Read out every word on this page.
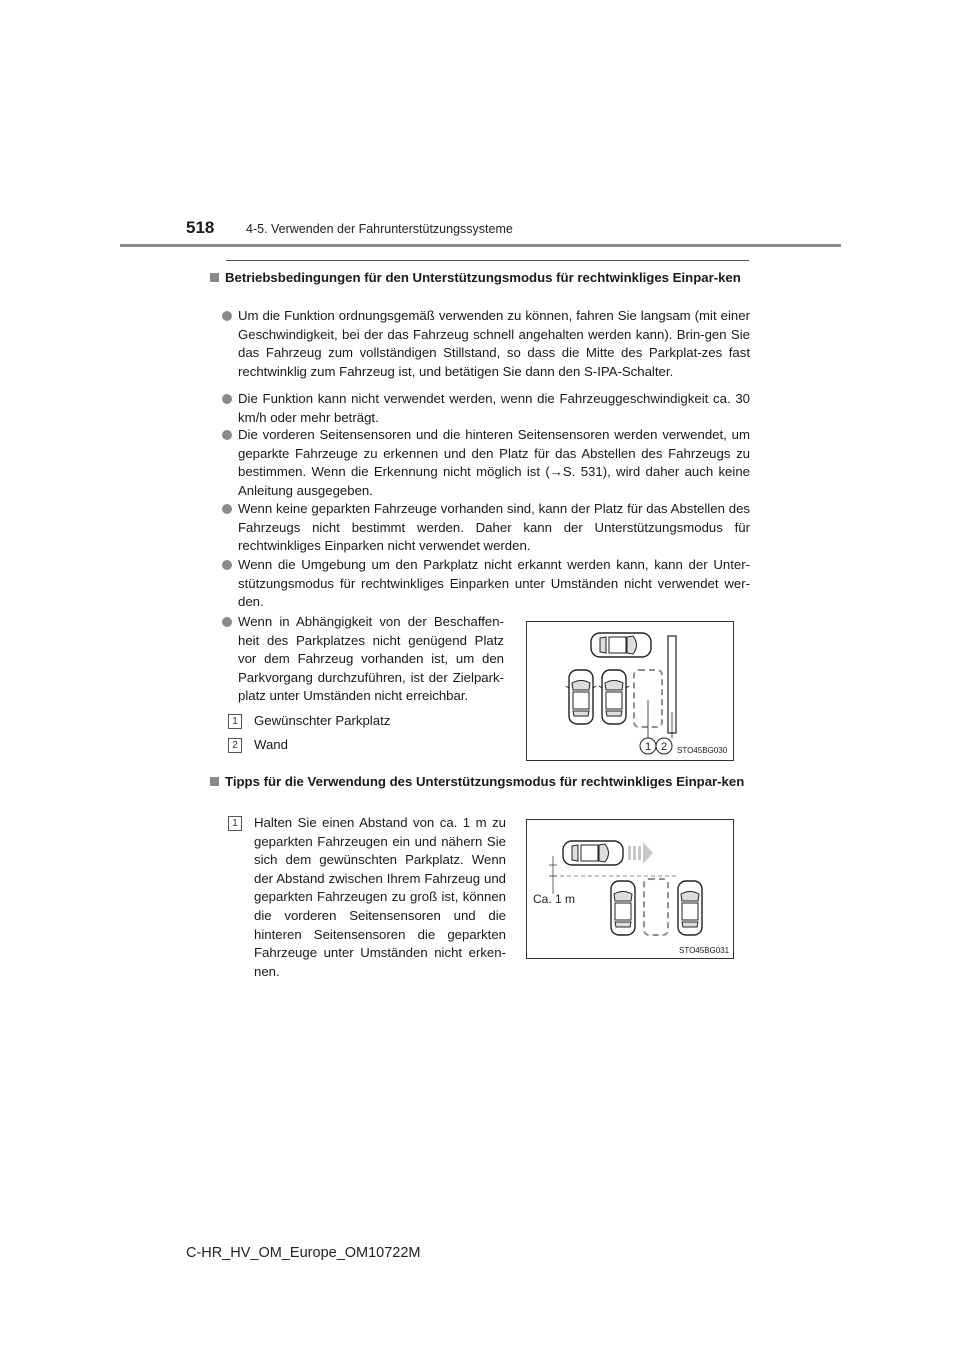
518	4-5. Verwenden der Fahrunterstützungssysteme
Betriebsbedingungen für den Unterstützungsmodus für rechtwinkliges Einpar-ken
Um die Funktion ordnungsgemäß verwenden zu können, fahren Sie langsam (mit einer Geschwindigkeit, bei der das Fahrzeug schnell angehalten werden kann). Brin-gen Sie das Fahrzeug zum vollständigen Stillstand, so dass die Mitte des Parkplat-zes fast rechtwinklig zum Fahrzeug ist, und betätigen Sie dann den S-IPA-Schalter.
Die Funktion kann nicht verwendet werden, wenn die Fahrzeuggeschwindigkeit ca. 30 km/h oder mehr beträgt.
Die vorderen Seitensensoren und die hinteren Seitensensoren werden verwendet, um geparkte Fahrzeuge zu erkennen und den Platz für das Abstellen des Fahrzeugs zu bestimmen. Wenn die Erkennung nicht möglich ist (→S. 531), wird daher auch keine Anleitung ausgegeben.
Wenn keine geparkten Fahrzeuge vorhanden sind, kann der Platz für das Abstellen des Fahrzeugs nicht bestimmt werden. Daher kann der Unterstützungsmodus für rechtwinkliges Einparken nicht verwendet werden.
Wenn die Umgebung um den Parkplatz nicht erkannt werden kann, kann der Unter-stützungsmodus für rechtwinkliges Einparken unter Umständen nicht verwendet wer-den.
Wenn in Abhängigkeit von der Beschaffen-heit des Parkplatzes nicht genügend Platz vor dem Fahrzeug vorhanden ist, um den Parkvorgang durchzuführen, ist der Zielpark-platz unter Umständen nicht erreichbar.
1	Gewünschter Parkplatz
2	Wand	1 2 STO45BG030
Tipps für die Verwendung des Unterstützungsmodus für rechtwinkliges Einpar-ken
1	Halten Sie einen Abstand von ca. 1 m zu geparkten Fahrzeugen ein und nähern Sie sich dem gewünschten Parkplatz. Wenn der Abstand zwischen Ihrem Fahrzeug und geparkten Fahrzeugen zu groß ist, können die vorderen Seitensensoren und die hinteren Seitensensoren die geparkten Fahrzeuge unter Umständen nicht erken-nen.
Ca. 1 m
STO45BG031
C-HR_HV_OM_Europe_OM10722M
